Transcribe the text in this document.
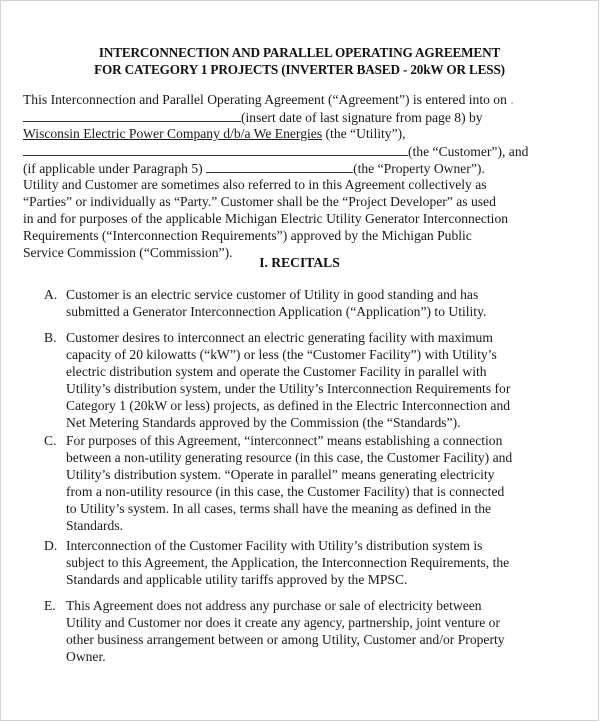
INTERCONNECTION AND PARALLEL OPERATING AGREEMENT
FOR CATEGORY 1 PROJECTS (INVERTER BASED - 20kW OR LESS)
This Interconnection and Parallel Operating Agreement (“Agreement”) is entered into on .
(insert date of last signature from page 8) by
Wisconsin Electric Power Company d/b/a We Energies (the “Utility”),
(the “Customer”), and
(if applicable under Paragraph 5)	(the “Property Owner”).
Utility and Customer are sometimes also referred to in this Agreement collectively as
“Parties” or individually as “Party.” Customer shall be the “Project Developer” as used
in and for purposes of the applicable Michigan Electric Utility Generator Interconnection
Requirements (“Interconnection Requirements”) approved by the Michigan Public
Service Commission (“Commission”).
I. RECITALS
A. Customer is an electric service customer of Utility in good standing and has
submitted a Generator Interconnection Application (“Application”) to Utility.
B. Customer desires to interconnect an electric generating facility with maximum
capacity of 20 kilowatts (“kW”) or less (the “Customer Facility”) with Utility’s
electric distribution system and operate the Customer Facility in parallel with
Utility’s distribution system, under the Utility’s Interconnection Requirements for
Category 1 (20kW or less) projects, as defined in the Electric Interconnection and
Net Metering Standards approved by the Commission (the “Standards”).
C. For purposes of this Agreement, “interconnect” means establishing a connection
between a non-utility generating resource (in this case, the Customer Facility) and
Utility’s distribution system. “Operate in parallel” means generating electricity
from a non-utility resource (in this case, the Customer Facility) that is connected
to Utility’s system. In all cases, terms shall have the meaning as defined in the
Standards.
D. Interconnection of the Customer Facility with Utility’s distribution system is
subject to this Agreement, the Application, the Interconnection Requirements, the
Standards and applicable utility tariffs approved by the MPSC.
E. This Agreement does not address any purchase or sale of electricity between
Utility and Customer nor does it create any agency, partnership, joint venture or
other business arrangement between or among Utility, Customer and/or Property
Owner.
